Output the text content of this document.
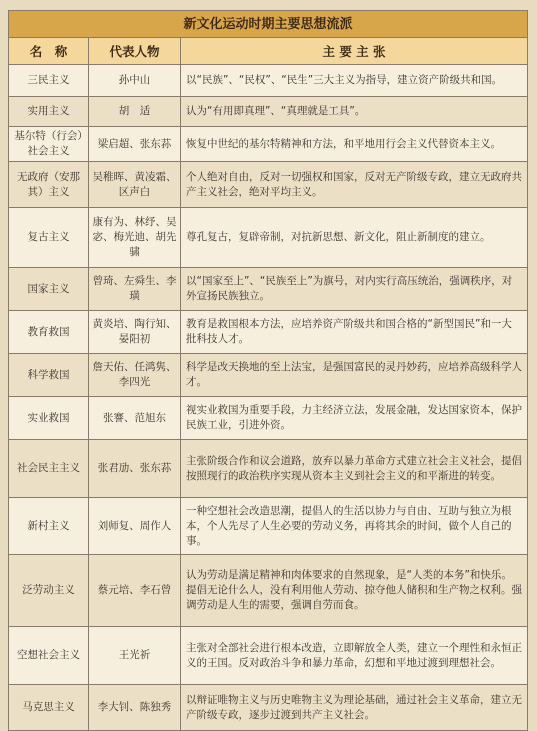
新文化运动时期主要思想流派		
名　称	代表人物	主 要 主 张
三民主义	孙中山	以“民族”、“民权”、“民生”三大主义为指导，建立资产阶级共和国。
实用主义	胡　适	认为“有用即真理”、“真理就是工具”。
基尔特（行会）社会主义	梁启超、张东荪	恢复中世纪的基尔特精神和方法，和平地用行会主义代替资本主义。
无政府（安那其）主义	吴稚晖、黄凌霜、区声白	个人绝对自由，反对一切强权和国家，反对无产阶级专政，建立无政府共产主义社会，绝对平均主义。
复古主义	康有为、林纾、吴宓、梅光迪、胡先骕	尊孔复古，复辟帝制，对抗新思想、新文化，阻止新制度的建立。
国家主义	曾琦、左舜生、李璜	以“国家至上”、“民族至上”为旗号，对内实行高压统治，强调秩序，对外宣扬民族独立。
教育救国	黄炎培、陶行知、晏阳初	教育是救国根本方法，应培养资产阶级共和国合格的“新型国民”和一大批科技人才。
科学救国	詹天佑、任鸿隽、李四光	科学是改天换地的至上法宝，是强国富民的灵丹妙药，应培养高级科学人才。
实业救国	张謇、范旭东	视实业救国为重要手段，力主经济立法，发展金融，发达国家资本，保护民族工业，引进外资。
社会民主主义	张君劢、张东荪	主张阶级合作和议会道路，放弃以暴力革命方式建立社会主义社会，提倡按照现行的政治秩序实现从资本主义到社会主义的和平渐进的转变。
新村主义	刘师复、周作人	一种空想社会改造思潮，提倡人的生活以协力与自由、互助与独立为根本，个人先尽了人生必要的劳动义务，再将其余的时间，做个人自己的事。
泛劳动主义	蔡元培、李石曾	认为劳动是满足精神和肉体要求的自然现象，是“人类的本务”和快乐。提倡无论什么人，没有利用他人劳动、掠夺他人储积和生产物之权利。强调劳动是人生的需要，强调自劳而食。
空想社会主义	王光祈	主张对全部社会进行根本改造，立即解放全人类，建立一个理性和永恒正义的王国。反对政治斗争和暴力革命，幻想和平地过渡到理想社会。
马克思主义	李大钊、陈独秀	以辩证唯物主义与历史唯物主义为理论基础，通过社会主义革命，建立无产阶级专政，逐步过渡到共产主义社会。
